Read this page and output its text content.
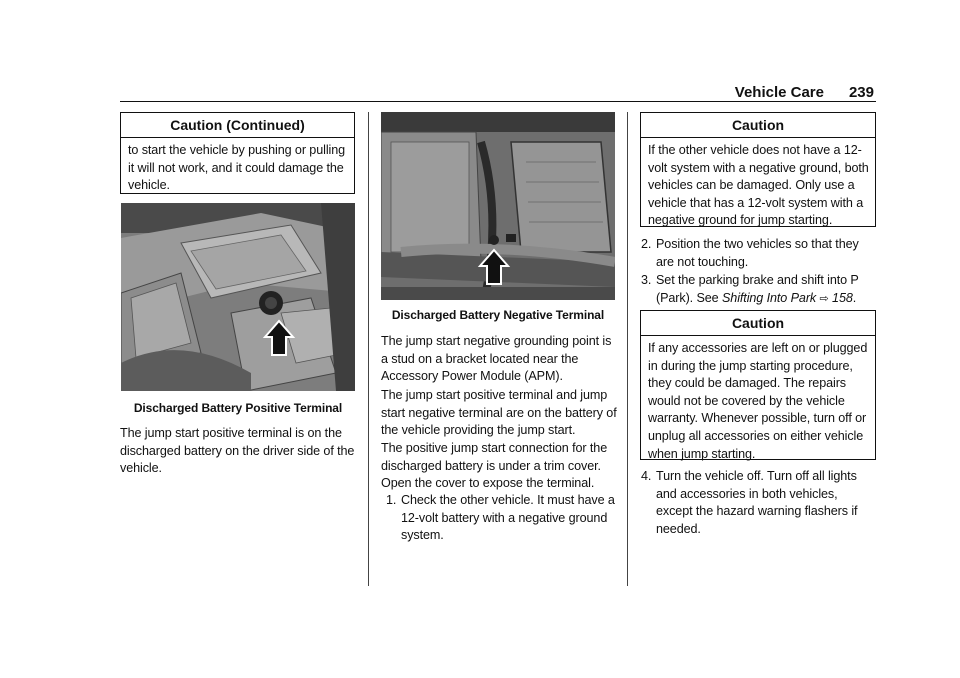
Vehicle Care 239
Caution (Continued)
to start the vehicle by pushing or pulling it will not work, and it could damage the vehicle.
Discharged Battery Positive Terminal
The jump start positive terminal is on the discharged battery on the driver side of the vehicle.
Discharged Battery Negative Terminal
The jump start negative grounding point is a stud on a bracket located near the Accessory Power Module (APM).
The jump start positive terminal and jump start negative terminal are on the battery of the vehicle providing the jump start.
The positive jump start connection for the discharged battery is under a trim cover. Open the cover to expose the terminal.
1. Check the other vehicle. It must have a 12-volt battery with a negative ground system.
Caution
If the other vehicle does not have a 12-volt system with a negative ground, both vehicles can be damaged. Only use a vehicle that has a 12-volt system with a negative ground for jump starting.
2. Position the two vehicles so that they are not touching.
3. Set the parking brake and shift into P (Park). See Shifting Into Park ⇨ 158.
Caution
If any accessories are left on or plugged in during the jump starting procedure, they could be damaged. The repairs would not be covered by the vehicle warranty. Whenever possible, turn off or unplug all accessories on either vehicle when jump starting.
4. Turn the vehicle off. Turn off all lights and accessories in both vehicles, except the hazard warning flashers if needed.
